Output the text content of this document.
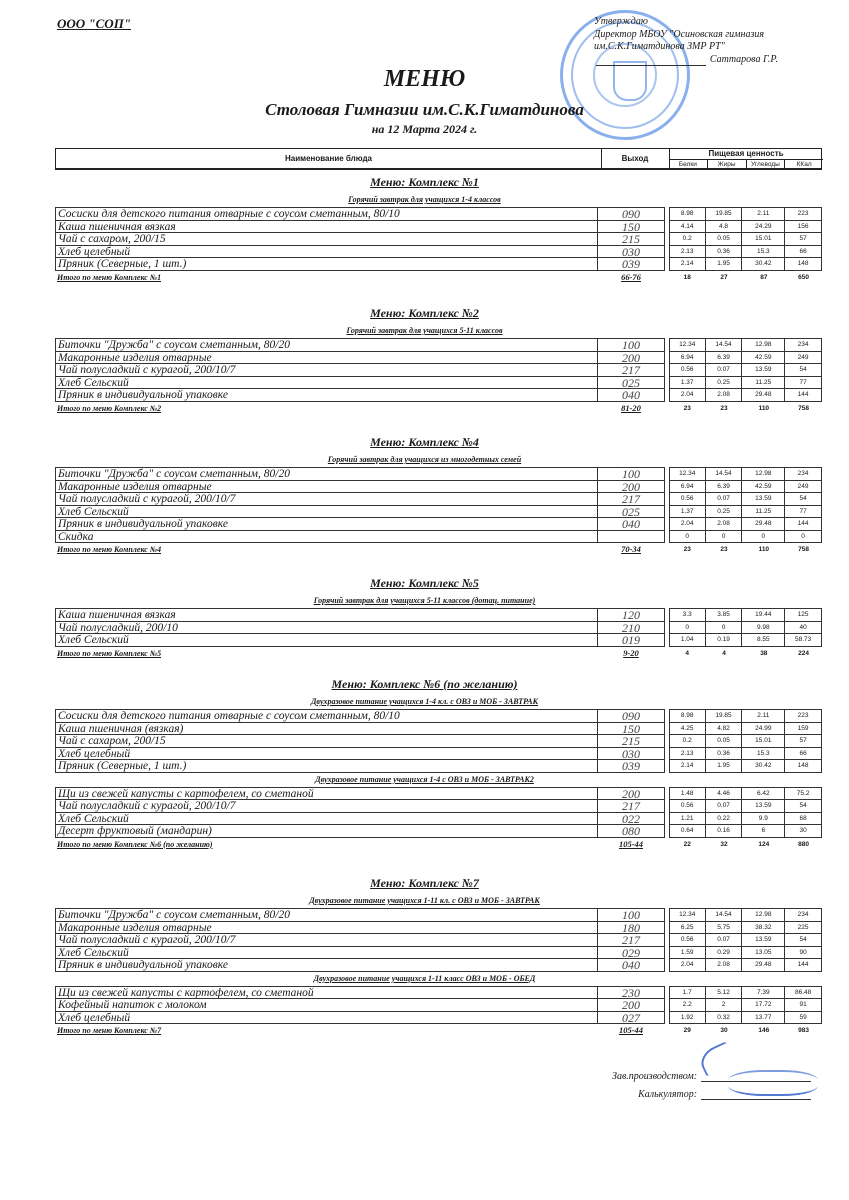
ООО "СОП"	Утверждаю
Директор МБОУ "Осиновская гимназия
им.С.К.Гиматдинова ЗМР РТ"
Саттарова Г.Р.
МЕНЮ
Столовая Гимназии им.С.К.Гиматдинова
на 12 Марта 2024 г.
Наименование блюда	Выход
Пищевая ценность
Белки	Жиры	Углеводы	ККал
Меню: Комплекс №1
Горячий завтрак для учащихся 1-4 классов
Сосиски для детского питания отварные с соусом сметанным, 80/10	090	8.98	19.85	2.11	223
Каша пшеничная вязкая	150	4.14	4.8	24.29	156
Чай с сахаром, 200/15	215	0.2	0.05	15.01	57
Хлеб целебный	030	2.13	0.36	15.3	66
Пряник (Северные, 1 шт.)	039	2.14	1.95	30.42	148
Итого по меню Комплекс №1	66-76	18	27	87	650
Меню: Комплекс №2
Горячий завтрак для учащихся 5-11 классов
Биточки "Дружба" с соусом сметанным, 80/20	100	12.34	14.54	12.98	234
Макаронные изделия отварные	200	6.94	6.39	42.59	249
Чай полусладкий с курагой, 200/10/7	217	0.56	0.07	13.59	54
Хлеб Сельский	025	1.37	0.25	11.25	77
Пряник в индивидуальной упаковке	040	2.04	2.08	29.48	144
Итого по меню Комплекс №2	81-20	23	23	110	758
Меню: Комплекс №4
Горячий завтрак для учащихся из многодетных семей
Биточки "Дружба" с соусом сметанным, 80/20	100	12.34	14.54	12.98	234
Макаронные изделия отварные	200	6.94	6.39	42.59	249
Чай полусладкий с курагой, 200/10/7	217	0.56	0.07	13.59	54
Хлеб Сельский	025	1.37	0.25	11.25	77
Пряник в индивидуальной упаковке	040	2.04	2.08	29.48	144
Скидка	0	0	0	0
Итого по меню Комплекс №4	70-34	23	23	110	758
Меню: Комплекс №5
Горячий завтрак для учащихся 5-11 классов (дотац. питание)
Каша пшеничная вязкая	120	3.3	3.85	19.44	125
Чай полусладкий, 200/10	210	0	0	9.98	40
Хлеб Сельский	019	1.04	0.19	8.55	58.73
Итого по меню Комплекс №5	9-20	4	4	38	224
Меню: Комплекс №6 (по желанию)
Двухразовое питание учащихся 1-4 кл. с ОВЗ и МОБ - ЗАВТРАК
Сосиски для детского питания отварные с соусом сметанным, 80/10	090	8.98	19.85	2.11	223
Каша пшеничная (вязкая)	150	4.25	4.82	24.99	159
Чай с сахаром, 200/15	215	0.2	0.05	15.01	57
Хлеб целебный	030	2.13	0.36	15.3	66
Пряник (Северные, 1 шт.)	039	2.14	1.95	30.42	148
Двухразовое питание учащихся 1-4 с ОВЗ и МОБ - ЗАВТРАК2
Щи из свежей капусты с картофелем, со сметаной	200	1.48	4.46	6.42	75.2
Чай полусладкий с курагой, 200/10/7	217	0.56	0.07	13.59	54
Хлеб Сельский	022	1.21	0.22	9.9	68
Десерт фруктовый (мандарин)	080	0.64	0.16	6	30
Итого по меню Комплекс №6 (по желанию)	105-44	22	32	124	880
Меню: Комплекс №7
Двухразовое питание учащихся 1-11 кл. с ОВЗ и МОБ - ЗАВТРАК
Биточки "Дружба" с соусом сметанным, 80/20	100	12.34	14.54	12.98	234
Макаронные изделия отварные	180	6.25	5.75	38.32	225
Чай полусладкий с курагой, 200/10/7	217	0.56	0.07	13.59	54
Хлеб Сельский	029	1.59	0.29	13.05	90
Пряник в индивидуальной упаковке	040	2.04	2.08	29.48	144
Двухразовое питание учащихся 1-11 класс ОВЗ и МОБ - ОБЕД
Щи из свежей капусты с картофелем, со сметаной	230	1.7	5.12	7.39	86.48
Кофейный напиток с молоком	200	2.2	2	17.72	91
Хлеб целебный	027	1.92	0.32	13.77	59
Итого по меню Комплекс №7	105-44	29	30	146	983
Зав.производством:
Калькулятор:
